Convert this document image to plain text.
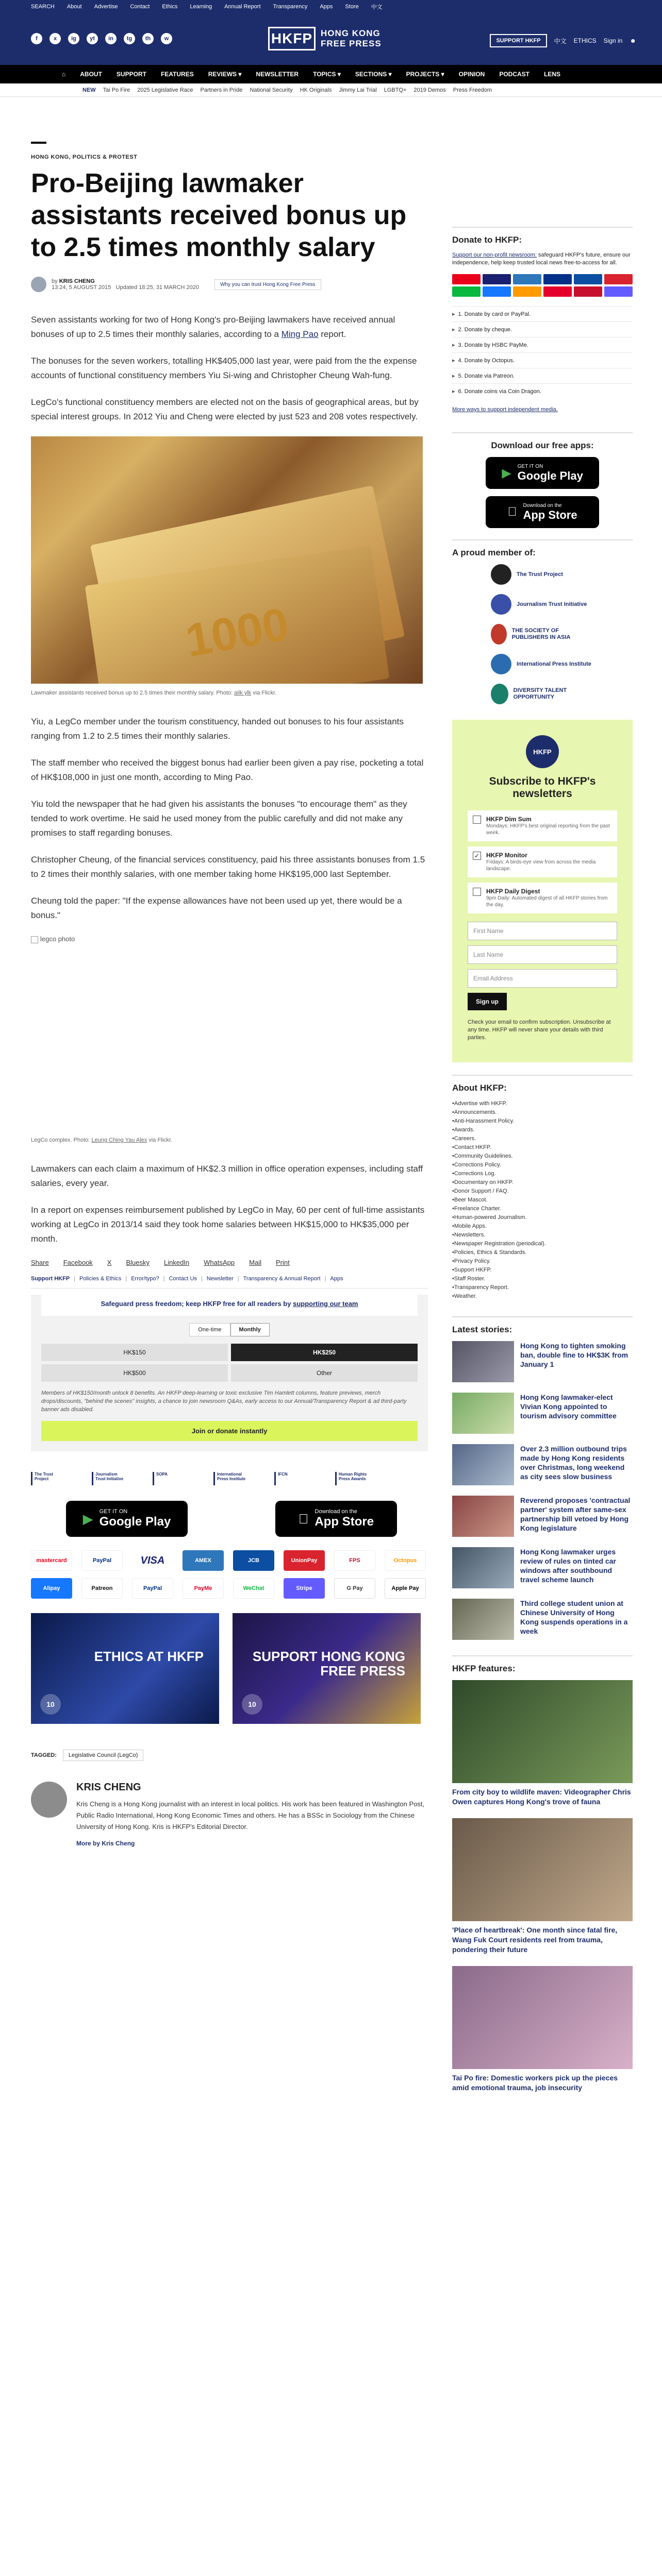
SEARCH About Advertise Contact Ethics Learning Annual Report Transparency Apps Store 中文
f	x	ig	yt	in	tg	th	w	HKFP HONG KONG
FREE PRESS	SUPPORT HKFP	中文 ETHICS Sign in ☻
⌂ ABOUT SUPPORT FEATURES REVIEWS ▾ NEWSLETTER TOPICS ▾ SECTIONS ▾ PROJECTS ▾ OPINION PODCAST LENS
NEW Tai Po Fire 2025 Legislative Race Partners in Pride National Security HK Originals Jimmy Lai Trial LGBTQ+ 2019 Demos Press Freedom
HONG KONG, POLITICS & PROTEST
Pro-Beijing lawmaker assistants received bonus up to 2.5 times monthly salary
by KRIS CHENG
13:24, 5 AUGUST 2015 Updated 18:25, 31 MARCH 2020	Why you can trust Hong Kong Free Press

Seven assistants working for two of Hong Kong's pro-Beijing lawmakers have received annual bonuses of up to 2.5 times their monthly salaries, according to a Ming Pao report.

The bonuses for the seven workers, totalling HK$405,000 last year, were paid from the the expense accounts of functional constituency members Yiu Si-wing and Christopher Cheung Wah-fung.

LegCo's functional constituency members are elected not on the basis of geographical areas, but by special interest groups. In 2012 Yiu and Cheng were elected by just 523 and 208 votes respectively.

1000
Lawmaker assistants received bonus up to 2.5 times their monthly salary. Photo: ailk ylk via Flickr.

Yiu, a LegCo member under the tourism constituency, handed out bonuses to his four assistants ranging from 1.2 to 2.5 times their monthly salaries.

The staff member who received the biggest bonus had earlier been given a pay rise, pocketing a total of HK$108,000 in just one month, according to Ming Pao.

Yiu told the newspaper that he had given his assistants the bonuses "to encourage them" as they tended to work overtime. He said he used money from the public carefully and did not make any promises to staff regarding bonuses.

Christopher Cheung, of the financial services constituency, paid his three assistants bonuses from 1.5 to 2 times their monthly salaries, with one member taking home HK$195,000 last September.

Cheung told the paper: "If the expense allowances have not been used up yet, there would be a bonus."

legco photo
LegCo complex. Photo: Leung Ching Yau Alex via Flickr.

Lawmakers can each claim a maximum of HK$2.3 million in office operation expenses, including staff salaries, every year.

In a report on expenses reimbursement published by LegCo in May, 60 per cent of full-time assistants working at LegCo in 2013/14 said they took home salaries between HK$15,000 to HK$35,000 per month.

Share Facebook X Bluesky LinkedIn WhatsApp Mail Print
Support HKFP | Policies & Ethics | Error/typo? | Contact Us | Newsletter | Transparency & Annual Report | Apps
Safeguard press freedom; keep HKFP free for all readers by supporting our team
One-time	Monthly
HK$150	HK$250
HK$500	Other

Members of HK$150/month unlock 8 benefits. An HKFP deep-learning or toxic exclusive Tim Hamlett columns, feature previews, merch drops/discounts, "behind the scenes" insights, a chance to join newsroom Q&As, early access to our Annual/Transparency Report & ad third-party banner ads disabled.

Join or donate instantly
The Trust Project
Journalism Trust Initiative
SOPA	International Press Institute
IFCN	Human Rights Press Awards
▶ GET IT ON
Google Play
Download on the
App Store
mastercard	PayPal	VISA	AMEX	JCB	UnionPay	FPS	Octopus
Alipay	Patreon	PayPal	PayMe	WeChat	Stripe	G Pay	Apple Pay
ETHICS AT HKFP
10
SUPPORT HONG KONG FREE PRESS
10
TAGGED:	Legislative Council (LegCo)
KRIS CHENG

Kris Cheng is a Hong Kong journalist with an interest in local politics. His work has been featured in Washington Post, Public Radio International, Hong Kong Economic Times and others. He has a BSSc in Sociology from the Chinese University of Hong Kong. Kris is HKFP's Editorial Director.

More by Kris Cheng
Donate to HKFP:

Support our non-profit newsroom: safeguard HKFP's future, ensure our independence, help keep trusted local news free-to-access for all.

▸ 1. Donate by card or PayPal.
▸ 2. Donate by cheque.
▸ 3. Donate by HSBC PayMe.
▸ 4. Donate by Octopus.
▸ 5. Donate via Patreon.
▸ 6. Donate coins via Coin Dragon.

More ways to support independent media.

Download our free apps:
▶ GET IT ON
Google Play
Download on the
App Store
A proud member of:
The Trust Project
Journalism Trust Initiative
THE SOCIETY OF PUBLISHERS IN ASIA
International Press Institute
DIVERSITY TALENT OPPORTUNITY
HKFP
Subscribe to HKFP's newsletters
HKFP Dim Sum
Mondays: HKFP's best original reporting from the past week.
✓ HKFP Monitor
Fridays: A birds-eye view from across the media landscape.
HKFP Daily Digest
9pm Daily: Automated digest of all HKFP stories from the day.
First Name
Last Name
Email Address
Sign up

Check your email to confirm subscription. Unsubscribe at any time. HKFP will never share your details with third parties.

About HKFP:
• Advertise with HKFP.
• Announcements.
• Anti-Harassment Policy.
• Awards.
• Careers.
• Contact HKFP.
• Community Guidelines.
• Corrections Policy.
• Corrections Log.
• Documentary on HKFP.
• Donor Support / FAQ.
• Beer Mascot.
• Freelance Charter.
• Human-powered Journalism.
• Mobile Apps.
• Newsletters.
• Newspaper Registration (periodical).
• Policies, Ethics & Standards.
• Privacy Policy.
• Support HKFP.
• Staff Roster.
• Transparency Report.
• Weather.
Latest stories:
Hong Kong to tighten smoking ban, double fine to HK$3K from January 1
Hong Kong lawmaker-elect Vivian Kong appointed to tourism advisory committee
Over 2.3 million outbound trips made by Hong Kong residents over Christmas, long weekend as city sees slow business
Reverend proposes 'contractual partner' system after same-sex partnership bill vetoed by Hong Kong legislature
Hong Kong lawmaker urges review of rules on tinted car windows after southbound travel scheme launch
Third college student union at Chinese University of Hong Kong suspends operations in a week
HKFP features:
From city boy to wildlife maven: Videographer Chris Owen captures Hong Kong's trove of fauna
'Place of heartbreak': One month since fatal fire, Wang Fuk Court residents reel from trauma, pondering their future
Tai Po fire: Domestic workers pick up the pieces amid emotional trauma, job insecurity
